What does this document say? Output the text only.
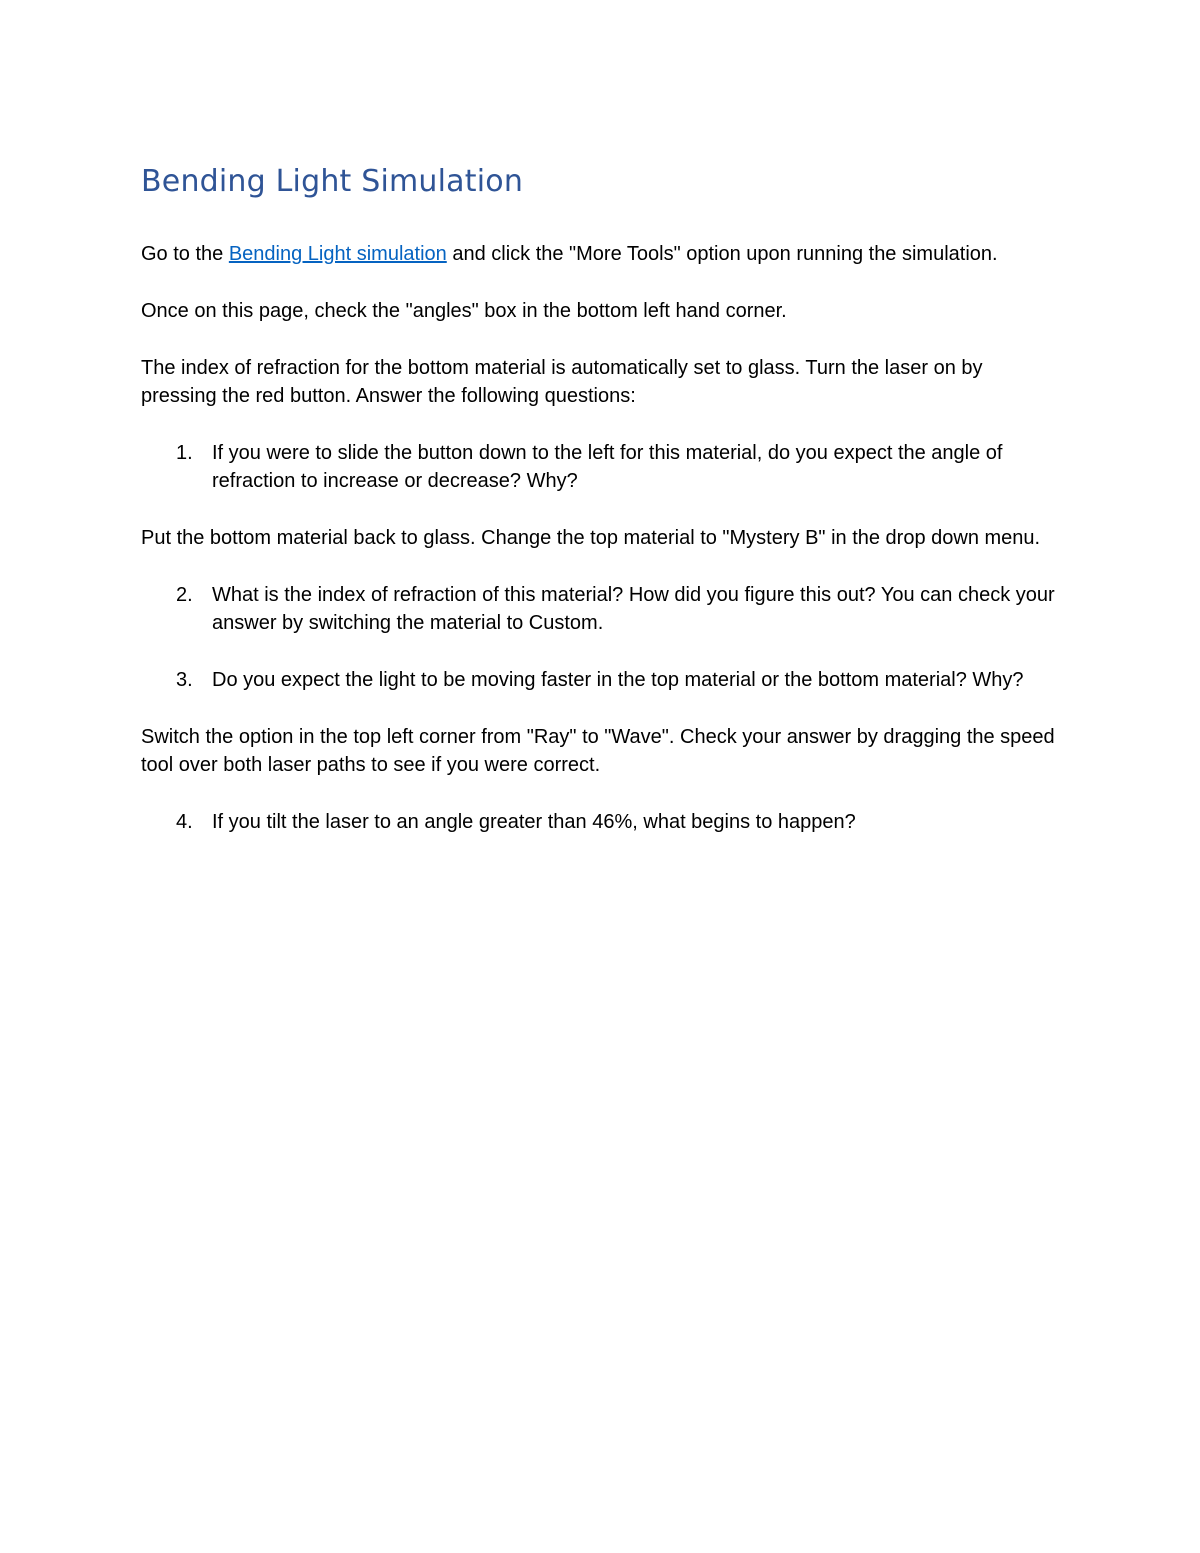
Bending Light Simulation

Go to the Bending Light simulation and click the "More Tools" option upon running the simulation.

Once on this page, check the "angles" box in the bottom left hand corner.

The index of refraction for the bottom material is automatically set to glass. Turn the laser on by pressing the red button. Answer the following questions:

1. If you were to slide the button down to the left for this material, do you expect the angle of refraction to increase or decrease? Why?

Put the bottom material back to glass. Change the top material to "Mystery B" in the drop down menu.

2. What is the index of refraction of this material? How did you figure this out? You can check your answer by switching the material to Custom.
3. Do you expect the light to be moving faster in the top material or the bottom material? Why?

Switch the option in the top left corner from "Ray" to "Wave". Check your answer by dragging the speed tool over both laser paths to see if you were correct.

4. If you tilt the laser to an angle greater than 46%, what begins to happen?
